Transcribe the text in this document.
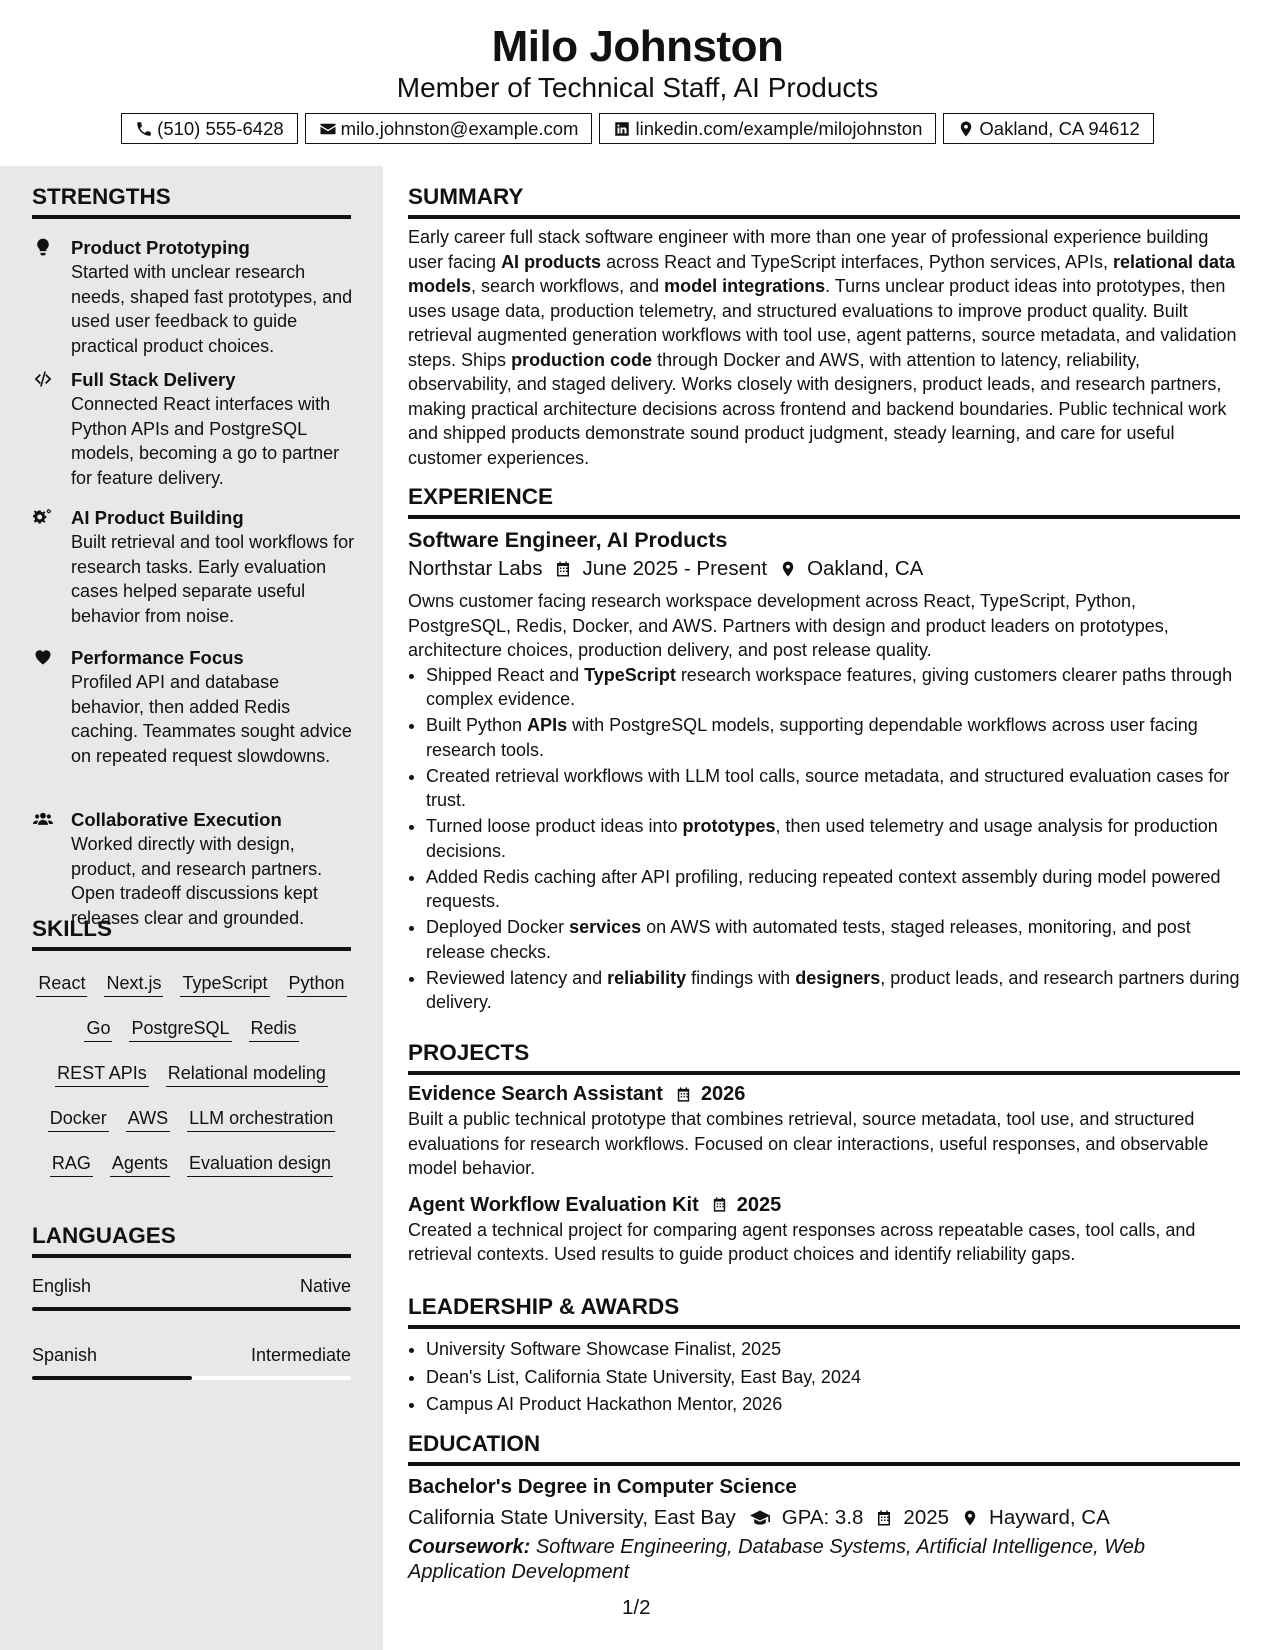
Milo Johnston
Member of Technical Staff, AI Products
(510) 555-6428	milo.johnston@example.com	linkedin.com/example/milojohnston	Oakland, CA 94612
STRENGTHS
Product Prototyping
Started with unclear research needs, shaped fast prototypes, and used user feedback to guide practical product choices.
Full Stack Delivery
Connected React interfaces with Python APIs and PostgreSQL models, becoming a go to partner for feature delivery.
AI Product Building
Built retrieval and tool workflows for research tasks. Early evaluation cases helped separate useful behavior from noise.
Performance Focus
Profiled API and database behavior, then added Redis caching. Teammates sought advice on repeated request slowdowns.
Collaborative Execution
Worked directly with design, product, and research partners. Open tradeoff discussions kept releases clear and grounded.
SKILLS
React Next.js TypeScript Python
Go PostgreSQL Redis
REST APIs Relational modeling
Docker AWS LLM orchestration
RAG Agents Evaluation design
LANGUAGES
English	Native
Spanish	Intermediate
SUMMARY
Early career full stack software engineer with more than one year of professional experience building user facing AI products across React and TypeScript interfaces, Python services, APIs, relational data models, search workflows, and model integrations. Turns unclear product ideas into prototypes, then uses usage data, production telemetry, and structured evaluations to improve product quality. Built retrieval augmented generation workflows with tool use, agent patterns, source metadata, and validation steps. Ships production code through Docker and AWS, with attention to latency, reliability, observability, and staged delivery. Works closely with designers, product leads, and research partners, making practical architecture decisions across frontend and backend boundaries. Public technical work and shipped products demonstrate sound product judgment, steady learning, and care for useful customer experiences.
EXPERIENCE
Software Engineer, AI Products
Northstar Labs June 2025 - Present Oakland, CA
Owns customer facing research workspace development across React, TypeScript, Python, PostgreSQL, Redis, Docker, and AWS. Partners with design and product leaders on prototypes, architecture choices, production delivery, and post release quality.
• Shipped React and TypeScript research workspace features, giving customers clearer paths through complex evidence.
• Built Python APIs with PostgreSQL models, supporting dependable workflows across user facing research tools.
• Created retrieval workflows with LLM tool calls, source metadata, and structured evaluation cases for trust.
• Turned loose product ideas into prototypes, then used telemetry and usage analysis for production decisions.
• Added Redis caching after API profiling, reducing repeated context assembly during model powered requests.
• Deployed Docker services on AWS with automated tests, staged releases, monitoring, and post release checks.
• Reviewed latency and reliability findings with designers, product leads, and research partners during delivery.
PROJECTS
Evidence Search Assistant 2026
Built a public technical prototype that combines retrieval, source metadata, tool use, and structured evaluations for research workflows. Focused on clear interactions, useful responses, and observable model behavior.
Agent Workflow Evaluation Kit 2025
Created a technical project for comparing agent responses across repeatable cases, tool calls, and retrieval contexts. Used results to guide product choices and identify reliability gaps.
LEADERSHIP & AWARDS
• University Software Showcase Finalist, 2025
• Dean's List, California State University, East Bay, 2024
• Campus AI Product Hackathon Mentor, 2026
EDUCATION
Bachelor's Degree in Computer Science
California State University, East Bay GPA: 3.8 2025 Hayward, CA
Coursework: Software Engineering, Database Systems, Artificial Intelligence, Web Application Development
1/2
